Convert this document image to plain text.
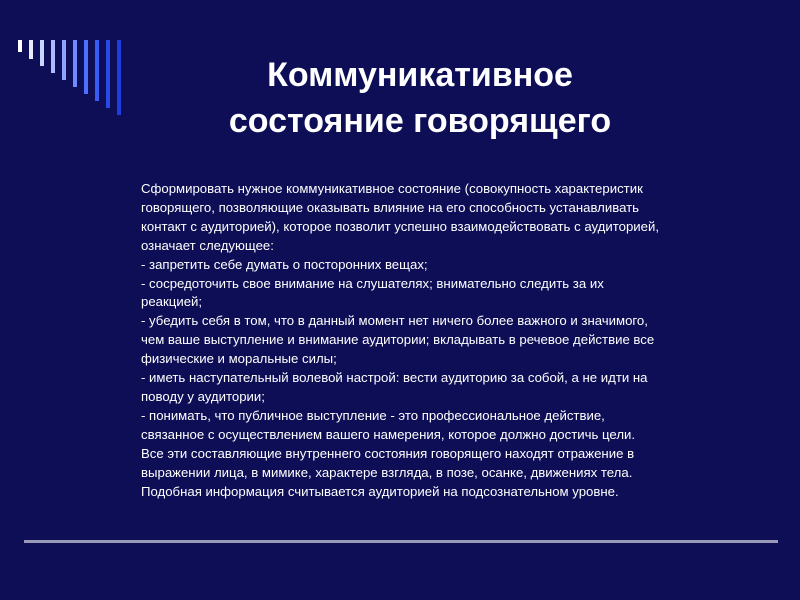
Коммуникативное
состояние говорящего
Сформировать нужное коммуникативное состояние (совокупность характеристик
говорящего, позволяющие оказывать влияние на его способность устанавливать
контакт с аудиторией), которое позволит успешно взаимодействовать с аудиторией,
означает следующее:
- запретить себе думать о посторонних вещах;
- сосредоточить свое внимание на слушателях; внимательно следить за их
реакцией;
- убедить себя в том, что в данный момент нет ничего более важного и значимого,
чем ваше выступление и внимание аудитории; вкладывать в речевое действие все
физические и моральные силы;
- иметь наступательный волевой настрой: вести аудиторию за собой, а не идти на
поводу у аудитории;
- понимать, что публичное выступление - это профессиональное действие,
связанное с осуществлением вашего намерения, которое должно достичь цели.
Все эти составляющие внутреннего состояния говорящего находят отражение в
выражении лица, в мимике, характере взгляда, в позе, осанке, движениях тела.
Подобная информация считывается аудиторией на подсознательном уровне.
